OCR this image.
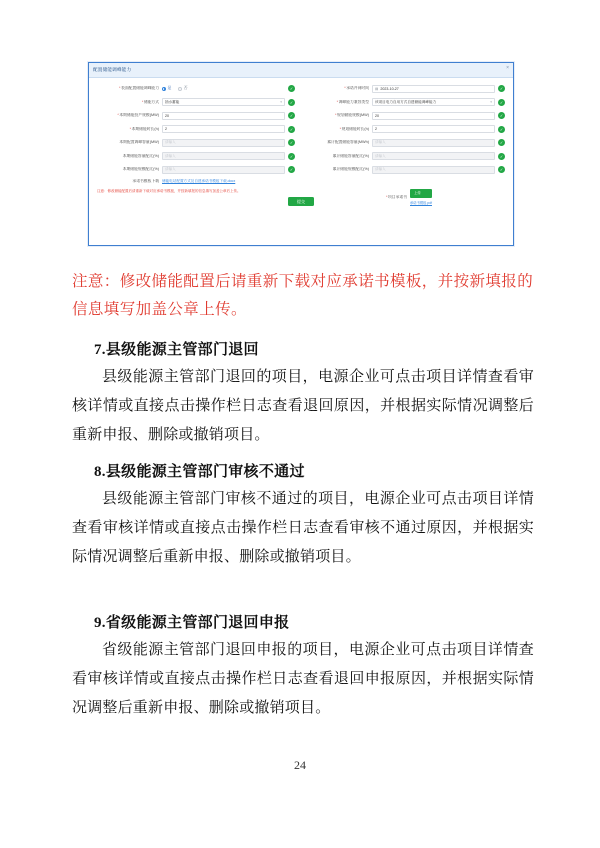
配置储能调峰能力	×
*表面配置储能调峰能力	是	否	✓	*承诺并网时间	▤ 2023-10-27	✓
*储能方式	抽水蓄能	▾	✓	*调峰能力兼容类型	该项目电力自用方式自建储能调峰能力	▾	✓
*本期储能投产规模(MW)	20	✓	*规划储能规模(MW)	20	✓
*本期储能时长(h)	2	✓	*规划储能时长(h)	2	✓
本期配置调峰容量(MW)	请输入	✓	累计配置储能容量(MWh)	请输入	✓
本期储能容量配比(%)	请输入	✓	累计储能容量配比(%)	请输入	✓
本期储能规模配比(%)	请输入	✓	累计储能规模配比(%)	请输入	✓
承诺书模板下载 储能电站配置方式及自建承诺书模板下载.docx
注意：修改储能配置后请重新下载对应承诺书模板，并按新填报的信息填写加盖公章后上传。
*项目承诺书
上传
承诺书模板.pdf
提交
注意：修改储能配置后请重新下载对应承诺书模板，并按新填报的信息填写加盖公章上传。
7.县级能源主管部门退回

县级能源主管部门退回的项目，电源企业可点击项目详情查看审核详情或直接点击操作栏日志查看退回原因，并根据实际情况调整后重新申报、删除或撤销项目。

8.县级能源主管部门审核不通过

县级能源主管部门审核不通过的项目，电源企业可点击项目详情查看审核详情或直接点击操作栏日志查看审核不通过原因，并根据实际情况调整后重新申报、删除或撤销项目。

9.省级能源主管部门退回申报

省级能源主管部门退回申报的项目，电源企业可点击项目详情查看审核详情或直接点击操作栏日志查看退回申报原因，并根据实际情况调整后重新申报、删除或撤销项目。

24
